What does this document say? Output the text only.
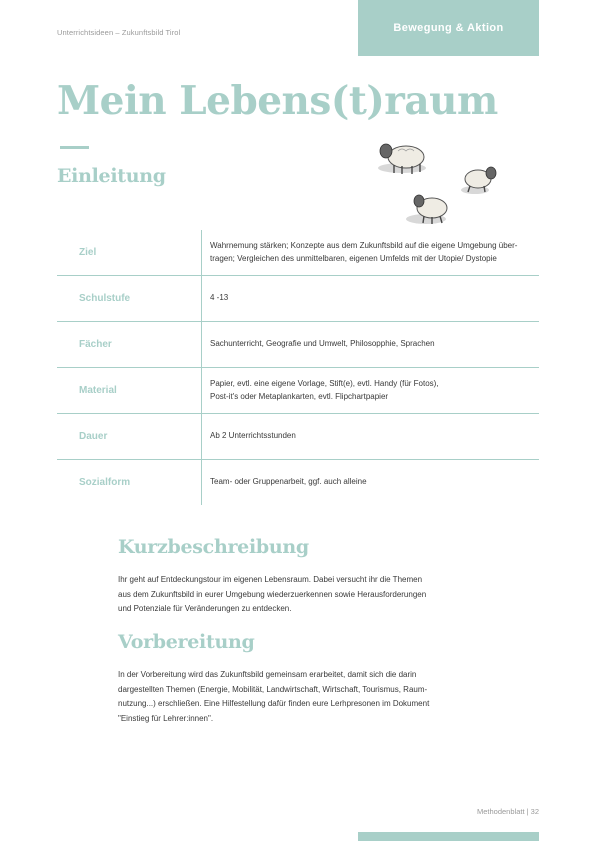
Unterrichtsideen – Zukunftsbild Tirol	Bewegung & Aktion
Mein Lebens(t)raum
Einleitung
Ziel	Wahrnemung stärken; Konzepte aus dem Zukunftsbild auf die eigene Umgebung über-
tragen; Vergleichen des unmittelbaren, eigenen Umfelds mit der Utopie/ Dystopie
Schulstufe	4 -13
Fächer	Sachunterricht, Geografie und Umwelt, Philosopphie, Sprachen
Material	Papier, evtl. eine eigene Vorlage, Stift(e), evtl. Handy (für Fotos),
Post-it's oder Metaplankarten, evtl. Flipchartpapier
Dauer	Ab 2 Unterrichtsstunden
Sozialform	Team- oder Gruppenarbeit, ggf. auch alleine
Kurzbeschreibung

Ihr geht auf Entdeckungstour im eigenen Lebensraum. Dabei versucht ihr die Themen
aus dem Zukunftsbild in eurer Umgebung wiederzuerkennen sowie Herausforderungen
und Potenziale für Veränderungen zu entdecken.

Vorbereitung

In der Vorbereitung wird das Zukunftsbild gemeinsam erarbeitet, damit sich die darin
dargestellten Themen (Energie, Mobilität, Landwirtschaft, Wirtschaft, Tourismus, Raum-
nutzung...) erschließen. Eine Hilfestellung dafür finden eure Lerhpresonen im Dokument
"Einstieg für Lehrer:innen".

Methodenblatt | 32
